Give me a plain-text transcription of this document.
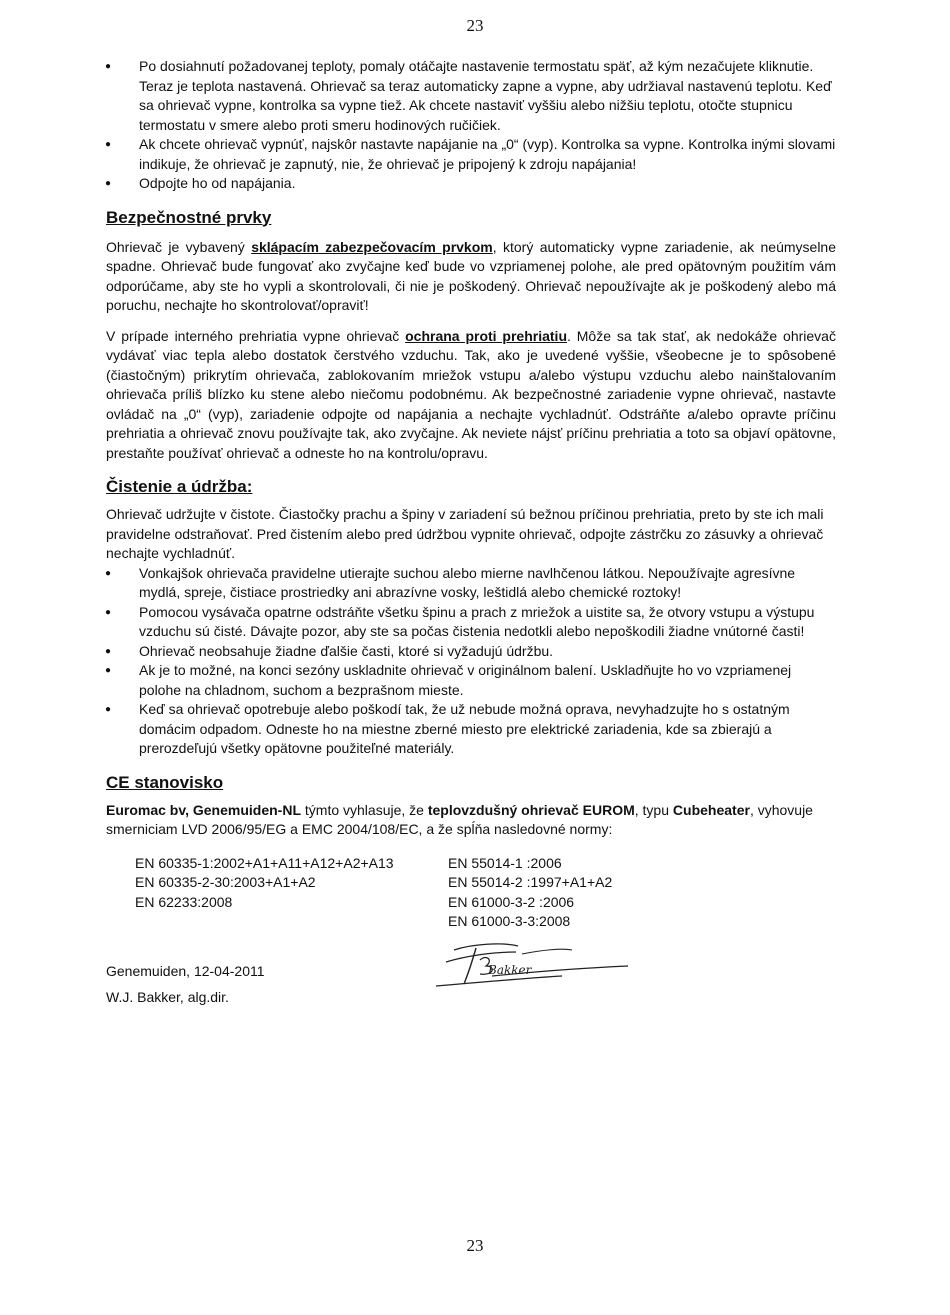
23
● Po dosiahnutí požadovanej teploty, pomaly otáčajte nastavenie termostatu späť, až kým nezačujete kliknutie. Teraz je teplota nastavená. Ohrievač sa teraz automaticky zapne a vypne, aby udržiaval nastavenú teplotu. Keď sa ohrievač vypne, kontrolka sa vypne tiež. Ak chcete nastaviť vyššiu alebo nižšiu teplotu, otočte stupnicu termostatu v smere alebo proti smeru hodinových ručičiek.
● Ak chcete ohrievač vypnúť, najskôr nastavte napájanie na „0“ (vyp). Kontrolka sa vypne. Kontrolka inými slovami indikuje, že ohrievač je zapnutý, nie, že ohrievač je pripojený k zdroju napájania!
● Odpojte ho od napájania.
Bezpečnostné prvky

Ohrievač je vybavený sklápacím zabezpečovacím prvkom, ktorý automaticky vypne zariadenie, ak neúmyselne spadne. Ohrievač bude fungovať ako zvyčajne keď bude vo vzpriamenej polohe, ale pred opätovným použitím vám odporúčame, aby ste ho vypli a skontrolovali, či nie je poškodený. Ohrievač nepoužívajte ak je poškodený alebo má poruchu, nechajte ho skontrolovať/opraviť!

V prípade interného prehriatia vypne ohrievač ochrana proti prehriatiu. Môže sa tak stať, ak nedokáže ohrievač vydávať viac tepla alebo dostatok čerstvého vzduchu. Tak, ako je uvedené vyššie, všeobecne je to spôsobené (čiastočným) prikrytím ohrievača, zablokovaním mriežok vstupu a/alebo výstupu vzduchu alebo nainštalovaním ohrievača príliš blízko ku stene alebo niečomu podobnému. Ak bezpečnostné zariadenie vypne ohrievač, nastavte ovládač na „0“ (vyp), zariadenie odpojte od napájania a nechajte vychladnúť. Odstráňte a/alebo opravte príčinu prehriatia a ohrievač znovu používajte tak, ako zvyčajne. Ak neviete nájsť príčinu prehriatia a toto sa objaví opätovne, prestaňte používať ohrievač a odneste ho na kontrolu/opravu.

Čistenie a údržba:

Ohrievač udržujte v čistote. Čiastočky prachu a špiny v zariadení sú bežnou príčinou prehriatia, preto by ste ich mali pravidelne odstraňovať. Pred čistením alebo pred údržbou vypnite ohrievač, odpojte zástrčku zo zásuvky a ohrievač nechajte vychladnúť.

● Vonkajšok ohrievača pravidelne utierajte suchou alebo mierne navlhčenou látkou. Nepoužívajte agresívne mydlá, spreje, čistiace prostriedky ani abrazívne vosky, leštidlá alebo chemické roztoky!
● Pomocou vysávača opatrne odstráňte všetku špinu a prach z mriežok a uistite sa, že otvory vstupu a výstupu vzduchu sú čisté. Dávajte pozor, aby ste sa počas čistenia nedotkli alebo nepoškodili žiadne vnútorné časti!
● Ohrievač neobsahuje žiadne ďalšie časti, ktoré si vyžadujú údržbu.
● Ak je to možné, na konci sezóny uskladnite ohrievač v originálnom balení. Uskladňujte ho vo vzpriamenej polohe na chladnom, suchom a bezprašnom mieste.
● Keď sa ohrievač opotrebuje alebo poškodí tak, že už nebude možná oprava, nevyhadzujte ho s ostatným domácim odpadom. Odneste ho na miestne zberné miesto pre elektrické zariadenia, kde sa zbierajú a prerozdeľujú všetky opätovne použiteľné materiály.
CE stanovisko

Euromac bv, Genemuiden-NL týmto vyhlasuje, že teplovzdušný ohrievač EUROM, typu Cubeheater, vyhovuje smerniciam LVD 2006/95/EG a EMC 2004/108/EC, a že spĺňa nasledovné normy:

EN 60335-1:2002+A1+A11+A12+A2+A13
EN 60335-2-30:2003+A1+A2
EN 62233:2008
EN 55014-1 :2006
EN 55014-2 :1997+A1+A2
EN 61000-3-2 :2006
EN 61000-3-3:2008
Genemuiden, 12-04-2011
W.J. Bakker, alg.dir.
Bakker
23
